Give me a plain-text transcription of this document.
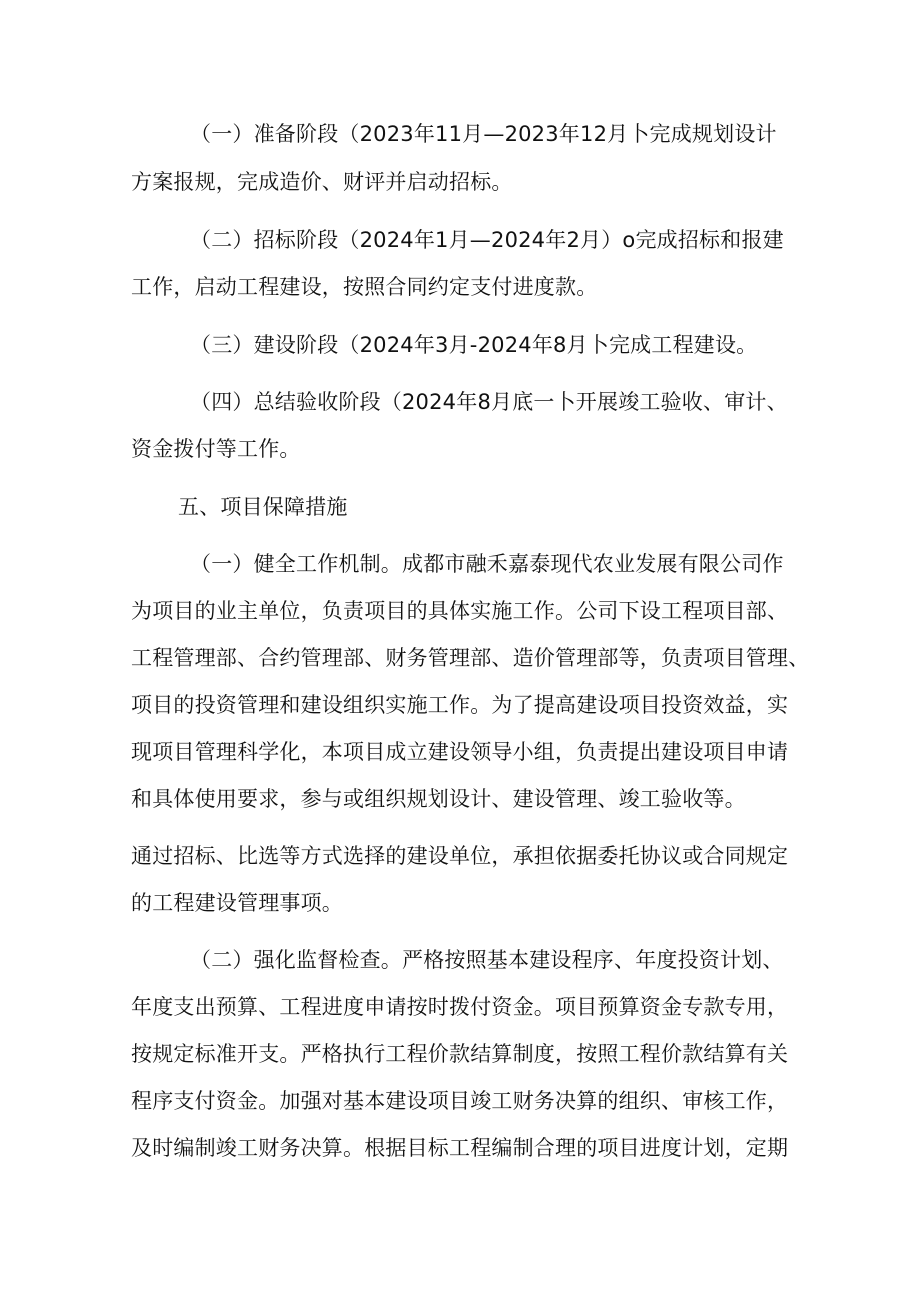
（一）准备阶段（2023年11月—2023年12月卜完成规划设计
方案报规，完成造价、财评并启动招标。
（二）招标阶段（2024年1月—2024年2月）o完成招标和报建
工作，启动工程建设，按照合同约定支付进度款。
（三）建设阶段（2024年3月-2024年8月卜完成工程建设。
（四）总结验收阶段（2024年8月底一卜开展竣工验收、审计、
资金拨付等工作。
五、项目保障措施
（一）健全工作机制。成都市融禾嘉泰现代农业发展有限公司作
为项目的业主单位，负责项目的具体实施工作。公司下设工程项目部、
工程管理部、合约管理部、财务管理部、造价管理部等，负责项目管理、
项目的投资管理和建设组织实施工作。为了提高建设项目投资效益，实
现项目管理科学化，本项目成立建设领导小组，负责提出建设项目申请
和具体使用要求，参与或组织规划设计、建设管理、竣工验收等。
通过招标、比选等方式选择的建设单位，承担依据委托协议或合同规定
的工程建设管理事项。
（二）强化监督检查。严格按照基本建设程序、年度投资计划、
年度支出预算、工程进度申请按时拨付资金。项目预算资金专款专用，
按规定标准开支。严格执行工程价款结算制度，按照工程价款结算有关
程序支付资金。加强对基本建设项目竣工财务决算的组织、审核工作，
及时编制竣工财务决算。根据目标工程编制合理的项目进度计划，定期
